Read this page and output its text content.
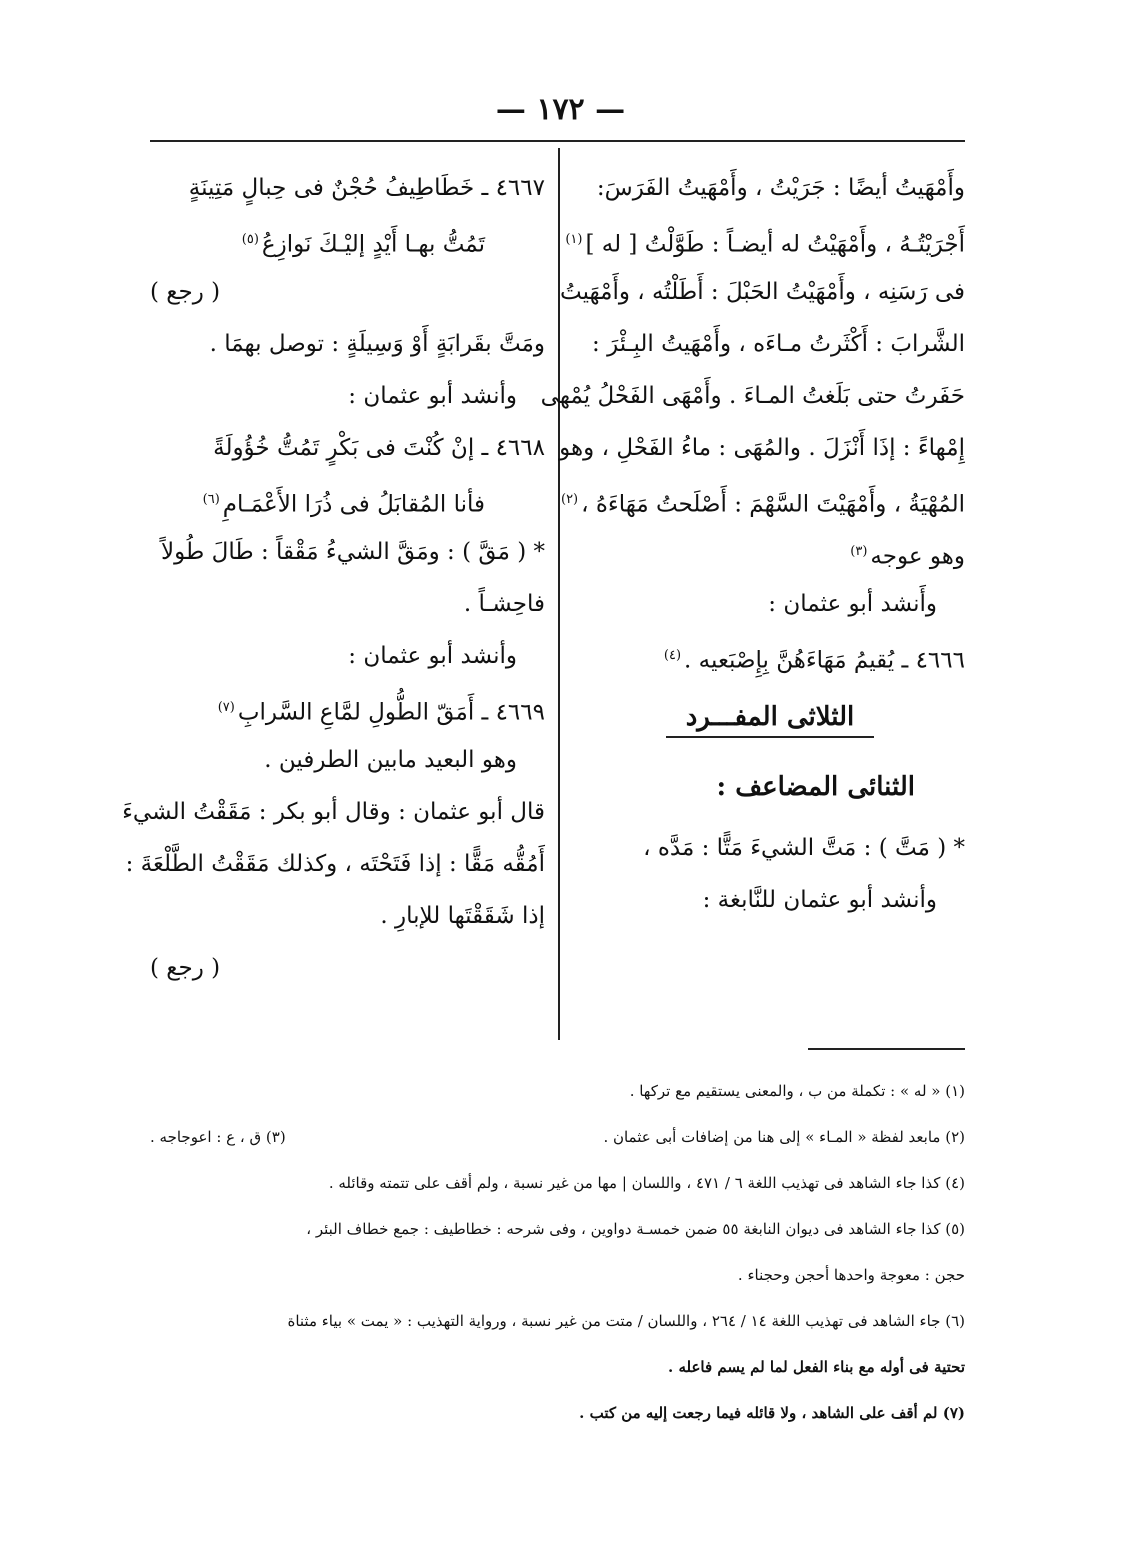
— ١٧٢ —
وأَمْهَيتُ أيضًا : جَرَيْتُ ، وأَمْهَيتُ الفَرَسَ:
أَجْرَيْتُـهُ ، وأَمْهَيْتُ له أيضـاً : طَوَّلْتُ [ له ]$^{(١)}$
فى رَسَنِه ، وأَمْهَيْتُ الحَبْلَ : أَطَلْتُه ، وأَمْهَيتُ
الشَّرابَ : أَكْثَرتُ مـاءَه ، وأَمْهَيتُ البِـئْرَ :
حَفَرتُ حتى بَلَغتُ المـاءَ . وأَمْهَى الفَحْلُ يُمْهى
إِمْهاءً : إذَا أَنْزَلَ . والمُهَى : ماءُ الفَحْلِ ، وهو
المُهْيَةُ ، وأَمْهَيْتَ السَّهْمَ : أَصْلَحتُ مَهَاءَهُ ،$^{(٢)}$
وهو عوجه$^{(٣)}$
وأَنشد أبو عثمان :
٤٦٦٦ ـ يُقيمُ مَهَاءَهُنَّ بِإِصْبَعيه .$^{(٤)}$
الثلاثى المفـــرد
الثنائى المضاعف :
* ( مَتَّ ) : مَتَّ الشيءَ مَتًّا : مَدَّه ،
وأنشد أبو عثمان للنَّابغة :
٤٦٦٧ ـ خَطَاطِيفُ حُجْنٌ فى حِبالٍ مَتِينَةٍ
تَمُتُّ بهـا أَيْدٍ إليْـكَ نَوازِعُ$^{(٥)}$
( رجع )
ومَتَّ بقَرابَةٍ أَوْ وَسِيلَةٍ : توصل بهمَا .
وأنشد أبو عثمان :
٤٦٦٨ ـ إنْ كُنْتَ فى بَكْرٍ تَمُتُّ خُؤُولَةً
فأنا المُقابَلُ فى ذُرَا الأَعْمَـامِ$^{(٦)}$
* ( مَقَّ ) : ومَقَّ الشيءُ مَقْقاً : طَالَ طُولاً
فاحِشـاً .
وأنشد أبو عثمان :
٤٦٦٩ ـ أَمَقّ الطُّولِ لمَّاعِ السَّرابِ$^{(٧)}$
وهو البعيد مابين الطرفين .
قال أبو عثمان : وقال أبو بكر : مَقَقْتُ الشيءَ
أَمُقُّه مَقًّا : إذا فَتَحْتَه ، وكذلك مَقَقْتُ الطَّلْعَةَ :
إذا شَقَقْتَها للإبارِ .
( رجع )
(١) « له » : تكملة من ب ، والمعنى يستقيم مع تركها .
(٢) مابعد لفظة « المـاء » إلى هنا من إضافات أبى عثمان .
(٣) ق ، ع : اعوجاجه .
(٤) كذا جاء الشاهد فى تهذيب اللغة ٦ / ٤٧١ ، واللسان | مها من غير نسبة ، ولم أقف على تتمته وقائله .
(٥) كذا جاء الشاهد فى ديوان النابغة ٥٥ ضمن خمسـة دواوين ، وفى شرحه : خطاطيف : جمع خطاف البئر ،
حجن : معوجة واحدها أحجن وحجناء .
(٦) جاء الشاهد فى تهذيب اللغة ١٤ / ٢٦٤ ، واللسان / متت من غير نسبة ، ورواية التهذيب : « يمت » بياء مثناة
تحتية فى أوله مع بناء الفعل لما لم يسم فاعله .
(٧) لم أقف على الشاهد ، ولا قائله فيما رجعت إليه من كتب .
